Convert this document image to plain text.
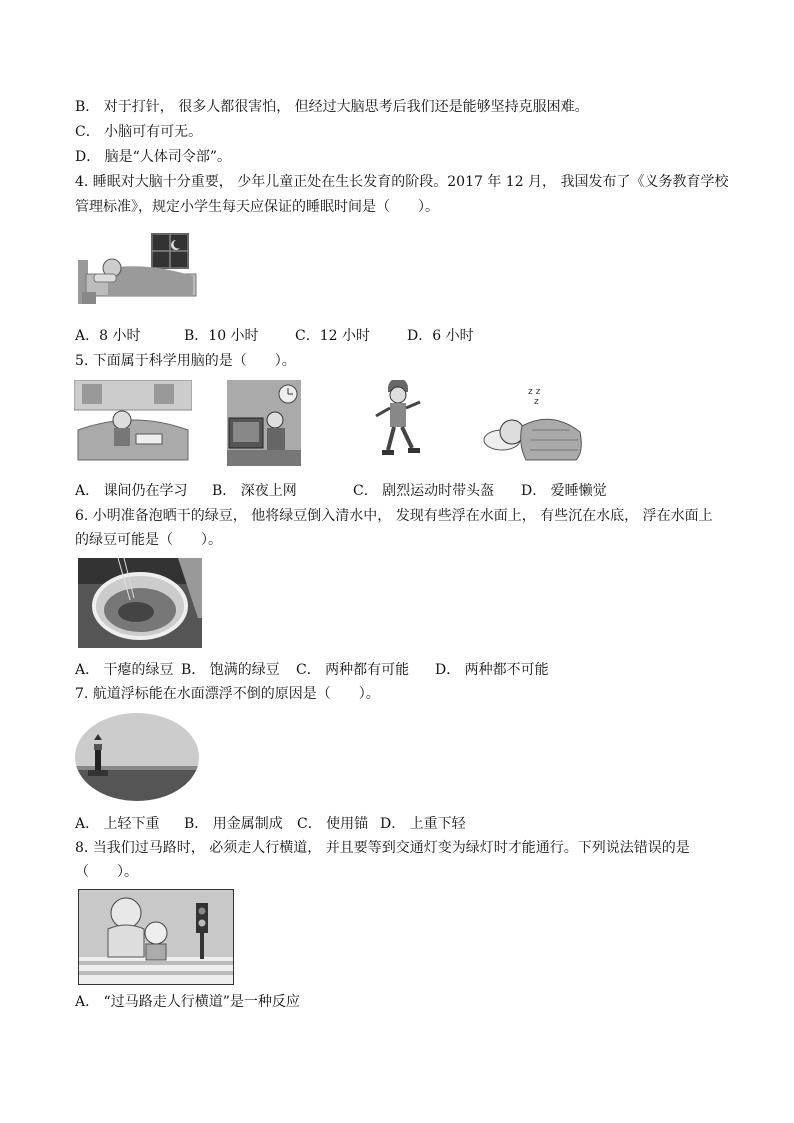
B． 对于打针， 很多人都很害怕， 但经过大脑思考后我们还是能够坚持克服困难。
C． 小脑可有可无。
D． 脑是“人体司令部”。
4. 睡眠对大脑十分重要， 少年儿童正处在生长发育的阶段。2017 年 12 月， 我国发布了《义务教育学校
管理标准》，规定小学生每天应保证的睡眠时间是（　　）。
A．8 小时	B．10 小时	C．12 小时	D．6 小时
5. 下面属于科学用脑的是（　　）。
z z
z
A． 课间仍在学习 B． 深夜上网	C． 剧烈运动时带头盔 D． 爱睡懒觉
6. 小明准备泡晒干的绿豆， 他将绿豆倒入清水中， 发现有些浮在水面上， 有些沉在水底， 浮在水面上
的绿豆可能是（　　）。
A． 干瘪的绿豆 B． 饱满的绿豆 C． 两种都有可能 D． 两种都不可能
7. 航道浮标能在水面漂浮不倒的原因是（　　）。
A． 上轻下重 B． 用金属制成 C． 使用锚 D． 上重下轻
8. 当我们过马路时， 必须走人行横道， 并且要等到交通灯变为绿灯时才能通行。下列说法错误的是
（　　）。
A． “过马路走人行横道”是一种反应
